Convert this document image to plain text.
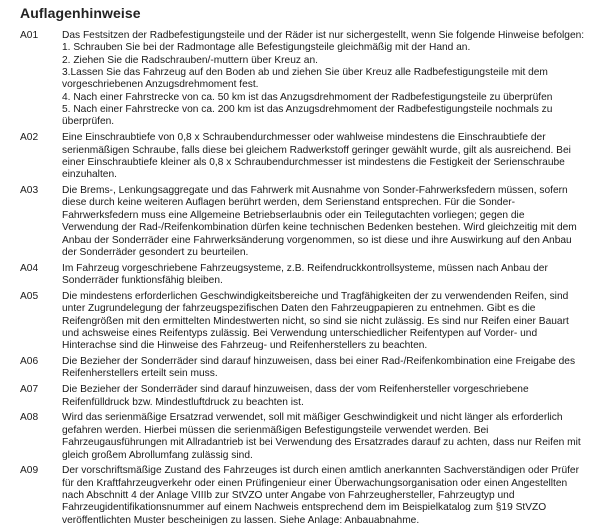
Auflagenhinweise
A01	Das Festsitzen der Radbefestigungsteile und der Räder ist nur sichergestellt, wenn Sie folgende Hinweise befolgen:
1. Schrauben Sie bei der Radmontage alle Befestigungsteile gleichmäßig mit der Hand an.
2. Ziehen Sie die Radschrauben/-muttern über Kreuz an.
3.Lassen Sie das Fahrzeug auf den Boden ab und ziehen Sie über Kreuz alle Radbefestigungsteile mit dem
vorgeschriebenen Anzugsdrehmoment fest.
4. Nach einer Fahrstrecke von ca. 50 km ist das Anzugsdrehmoment der Radbefestigungsteile zu überprüfen
5. Nach einer Fahrstrecke von ca. 200 km ist das Anzugsdrehmoment der Radbefestigungsteile nochmals zu
überprüfen.
A02	Eine Einschraubtiefe von 0,8 x Schraubendurchmesser oder wahlweise mindestens die Einschraubtiefe der
serienmäßigen Schraube, falls diese bei gleichem Radwerkstoff geringer gewählt wurde, gilt als ausreichend. Bei
einer Einschraubtiefe kleiner als 0,8 x Schraubendurchmesser ist mindestens die Festigkeit der Serienschraube
einzuhalten.
A03	Die Brems-, Lenkungsaggregate und das Fahrwerk mit Ausnahme von Sonder-Fahrwerksfedern müssen, sofern
diese durch keine weiteren Auflagen berührt werden, dem Serienstand entsprechen. Für die Sonder-
Fahrwerksfedern muss eine Allgemeine Betriebserlaubnis oder ein Teilegutachten vorliegen; gegen die
Verwendung der Rad-/Reifenkombination dürfen keine technischen Bedenken bestehen. Wird gleichzeitig mit dem
Anbau der Sonderräder eine Fahrwerksänderung vorgenommen, so ist diese und ihre Auswirkung auf den Anbau
der Sonderräder gesondert zu beurteilen.
A04	Im Fahrzeug vorgeschriebene Fahrzeugsysteme, z.B. Reifendruckkontrollsysteme, müssen nach Anbau der
Sonderräder funktionsfähig bleiben.
A05	Die mindestens erforderlichen Geschwindigkeitsbereiche und Tragfähigkeiten der zu verwendenden Reifen, sind
unter Zugrundelegung der fahrzeugspezifischen Daten den Fahrzeugpapieren zu entnehmen. Gibt es die
Reifengrößen mit den ermittelten Mindestwerten nicht, so sind sie nicht zulässig. Es sind nur Reifen einer Bauart
und achsweise eines Reifentyps zulässig. Bei Verwendung unterschiedlicher Reifentypen auf Vorder- und
Hinterachse sind die Hinweise des Fahrzeug- und Reifenherstellers zu beachten.
A06	Die Bezieher der Sonderräder sind darauf hinzuweisen, dass bei einer Rad-/Reifenkombination eine Freigabe des
Reifenherstellers erteilt sein muss.
A07	Die Bezieher der Sonderräder sind darauf hinzuweisen, dass der vom Reifenhersteller vorgeschriebene
Reifenfülldruck bzw. Mindestluftdruck zu beachten ist.
A08	Wird das serienmäßige Ersatzrad verwendet, soll mit mäßiger Geschwindigkeit und nicht länger als erforderlich
gefahren werden. Hierbei müssen die serienmäßigen Befestigungsteile verwendet werden. Bei
Fahrzeugausführungen mit Allradantrieb ist bei Verwendung des Ersatzrades darauf zu achten, dass nur Reifen mit
gleich großem Abrollumfang zulässig sind.
A09	Der vorschriftsmäßige Zustand des Fahrzeuges ist durch einen amtlich anerkannten Sachverständigen oder Prüfer
für den Kraftfahrzeugverkehr oder einen Prüfingenieur einer Überwachungsorganisation oder einen Angestellten
nach Abschnitt 4 der Anlage VIIIb zur StVZO unter Angabe von Fahrzeughersteller, Fahrzeugtyp und
Fahrzeugidentifikationsnummer auf einem Nachweis entsprechend dem im Beispielkatalog zum §19 StVZO
veröffentlichten Muster bescheinigen zu lassen. Siehe Anlage: Anbauabnahme.
